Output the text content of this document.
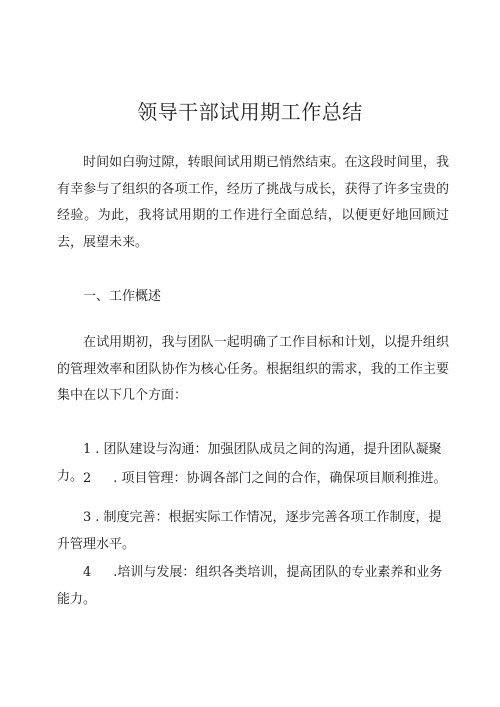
领导干部试用期工作总结

时间如白驹过隙，转眼间试用期已悄然结束。在这段时间里，我有幸参与了组织的各项工作，经历了挑战与成长，获得了许多宝贵的经验。为此，我将试用期的工作进行全面总结，以便更好地回顾过去，展望未来。

一、工作概述

在试用期初，我与团队一起明确了工作目标和计划，以提升组织的管理效率和团队协作为核心任务。根据组织的需求，我的工作主要集中在以下几个方面：

1 . 团队建设与沟通：加强团队成员之间的沟通，提升团队凝聚力。 2 . 项目管理：协调各部门之间的合作，确保项目顺利推进。

3 . 制度完善：根据实际工作情况，逐步完善各项工作制度，提升管理水平。

4 .培训与发展：组织各类培训，提高团队的专业素养和业务能力。
